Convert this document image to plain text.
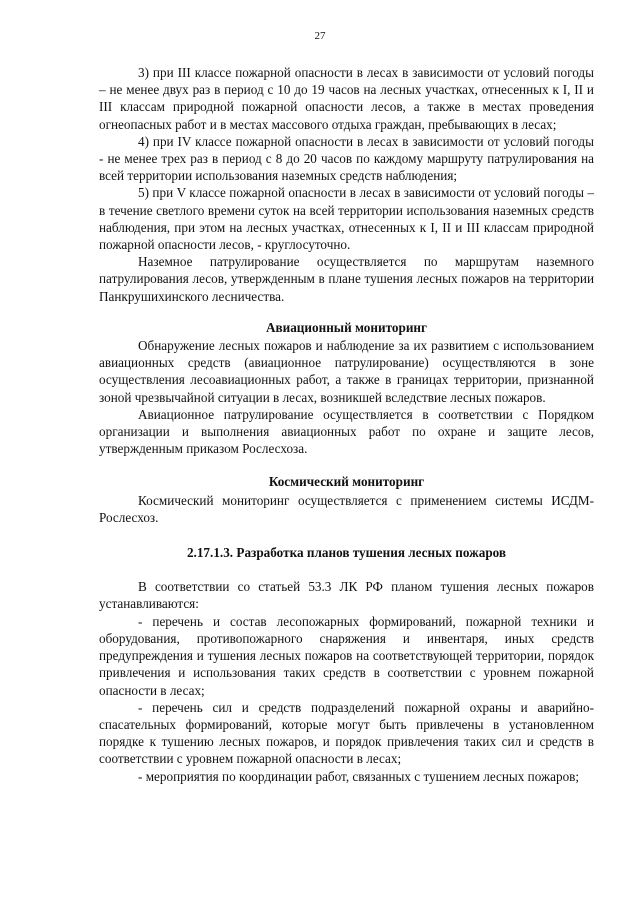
27

3) при III классе пожарной опасности в лесах в зависимости от условий погоды – не менее двух раз в период с 10 до 19 часов на лесных участках, отнесенных к I, II и III классам природной пожарной опасности лесов, а также в местах проведения огнеопасных работ и в местах массового отдыха граждан, пребывающих в лесах;

4) при IV классе пожарной опасности в лесах в зависимости от условий погоды - не менее трех раз в период с 8 до 20 часов по каждому маршруту патрулирования на всей территории использования наземных средств наблюдения;

5) при V классе пожарной опасности в лесах в зависимости от условий погоды – в течение светлого времени суток на всей территории использования наземных средств наблюдения, при этом на лесных участках, отнесенных к I, II и III классам природной пожарной опасности лесов, - круглосуточно.

Наземное патрулирование осуществляется по маршрутам наземного патрулирования лесов, утвержденным в плане тушения лесных пожаров на территории Панкрушихинского лесничества.

Авиационный мониторинг

Обнаружение лесных пожаров и наблюдение за их развитием с использованием авиационных средств (авиационное патрулирование) осуществляются в зоне осуществления лесоавиационных работ, а также в границах территории, признанной зоной чрезвычайной ситуации в лесах, возникшей вследствие лесных пожаров.

Авиационное патрулирование осуществляется в соответствии с Порядком организации и выполнения авиационных работ по охране и защите лесов, утвержденным приказом Рослесхоза.

Космический мониторинг

Космический мониторинг осуществляется с применением системы ИСДМ-Рослесхоз.

2.17.1.3. Разработка планов тушения лесных пожаров

В соответствии со статьей 53.3 ЛК РФ планом тушения лесных пожаров устанавливаются:

- перечень и состав лесопожарных формирований, пожарной техники и оборудования, противопожарного снаряжения и инвентаря, иных средств предупреждения и тушения лесных пожаров на соответствующей территории, порядок привлечения и использования таких средств в соответствии с уровнем пожарной опасности в лесах;

- перечень сил и средств подразделений пожарной охраны и аварийно-спасательных формирований, которые могут быть привлечены в установленном порядке к тушению лесных пожаров, и порядок привлечения таких сил и средств в соответствии с уровнем пожарной опасности в лесах;

- мероприятия по координации работ, связанных с тушением лесных пожаров;
